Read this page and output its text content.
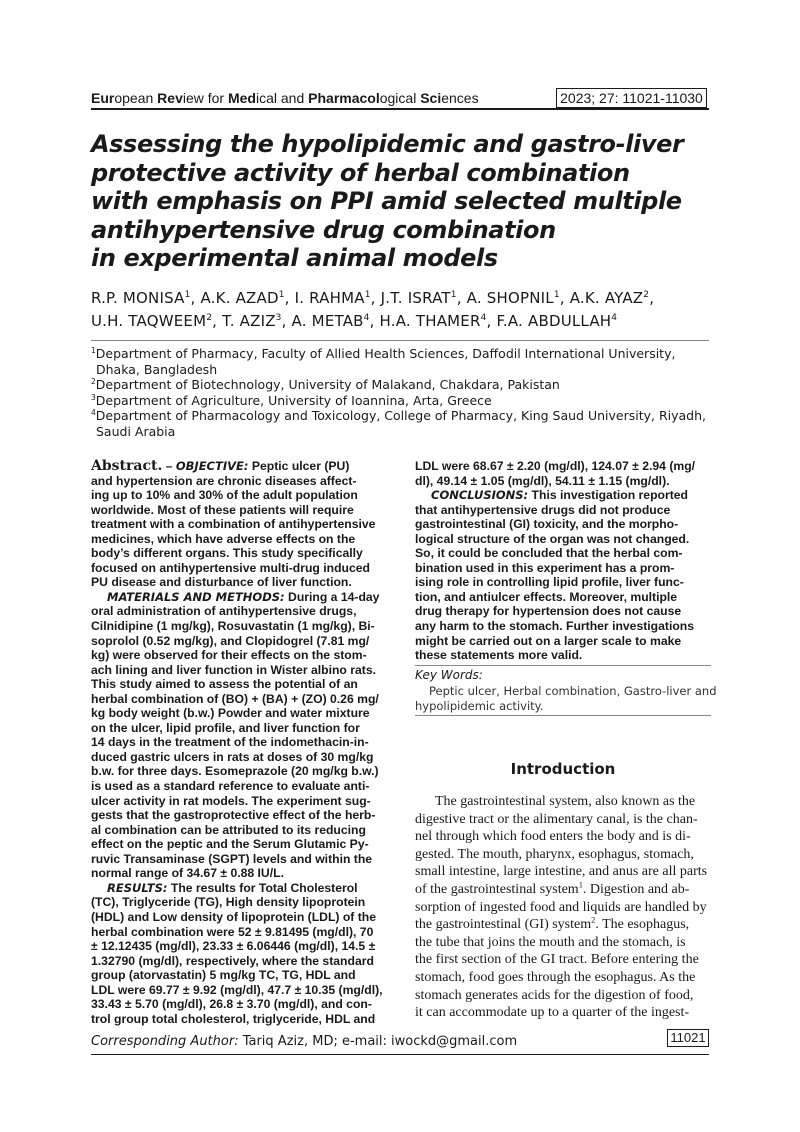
European Review for Medical and Pharmacological Sciences	2023; 27: 11021-11030
Assessing the hypolipidemic and gastro-liver
protective activity of herbal combination
with emphasis on PPI amid selected multiple
antihypertensive drug combination
in experimental animal models
R.P. MONISA$^1$, A.K. AZAD$^1$, I. RAHMA$^1$, J.T. ISRAT$^1$, A. SHOPNIL$^1$, A.K. AYAZ$^2$,
U.H. TAQWEEM$^2$, T. AZIZ$^3$, A. METAB$^4$, H.A. THAMER$^4$, F.A. ABDULLAH$^4$
$^1$Department of Pharmacy, Faculty of Allied Health Sciences, Daffodil International University,
Dhaka, Bangladesh
$^2$Department of Biotechnology, University of Malakand, Chakdara, Pakistan
$^3$Department of Agriculture, University of Ioannina, Arta, Greece
$^4$Department of Pharmacology and Toxicology, College of Pharmacy, King Saud University, Riyadh,
Saudi Arabia
Abstract. – OBJECTIVE: Peptic ulcer (PU)
and hypertension are chronic diseases affect-
ing up to 10% and 30% of the adult population
worldwide. Most of these patients will require
treatment with a combination of antihypertensive
medicines, which have adverse effects on the
body’s different organs. This study specifically
focused on antihypertensive multi-drug induced
PU disease and disturbance of liver function.
MATERIALS AND METHODS: During a 14-day
oral administration of antihypertensive drugs,
Cilnidipine (1 mg/kg), Rosuvastatin (1 mg/kg), Bi-
soprolol (0.52 mg/kg), and Clopidogrel (7.81 mg/
kg) were observed for their effects on the stom-
ach lining and liver function in Wister albino rats.
This study aimed to assess the potential of an
herbal combination of (BO) + (BA) + (ZO) 0.26 mg/
kg body weight (b.w.) Powder and water mixture
on the ulcer, lipid profile, and liver function for
14 days in the treatment of the indomethacin-in-
duced gastric ulcers in rats at doses of 30 mg/kg
b.w. for three days. Esomeprazole (20 mg/kg b.w.)
is used as a standard reference to evaluate anti-
ulcer activity in rat models. The experiment sug-
gests that the gastroprotective effect of the herb-
al combination can be attributed to its reducing
effect on the peptic and the Serum Glutamic Py-
ruvic Transaminase (SGPT) levels and within the
normal range of 34.67 ± 0.88 IU/L.
RESULTS: The results for Total Cholesterol
(TC), Triglyceride (TG), High density lipoprotein
(HDL) and Low density of lipoprotein (LDL) of the
herbal combination were 52 ± 9.81495 (mg/dl), 70
± 12.12435 (mg/dl), 23.33 ± 6.06446 (mg/dl), 14.5 ±
1.32790 (mg/dl), respectively, where the standard
group (atorvastatin) 5 mg/kg TC, TG, HDL and
LDL were 69.77 ± 9.92 (mg/dl), 47.7 ± 10.35 (mg/dl),
33.43 ± 5.70 (mg/dl), 26.8 ± 3.70 (mg/dl), and con-
trol group total cholesterol, triglyceride, HDL and
LDL were 68.67 ± 2.20 (mg/dl), 124.07 ± 2.94 (mg/
dl), 49.14 ± 1.05 (mg/dl), 54.11 ± 1.15 (mg/dl).
CONCLUSIONS: This investigation reported
that antihypertensive drugs did not produce
gastrointestinal (GI) toxicity, and the morpho-
logical structure of the organ was not changed.
So, it could be concluded that the herbal com-
bination used in this experiment has a prom-
ising role in controlling lipid profile, liver func-
tion, and antiulcer effects. Moreover, multiple
drug therapy for hypertension does not cause
any harm to the stomach. Further investigations
might be carried out on a larger scale to make
these statements more valid.
Key Words:
Peptic ulcer, Herbal combination, Gastro-liver and
hypolipidemic activity.
Introduction
The gastrointestinal system, also known as the
digestive tract or the alimentary canal, is the chan-
nel through which food enters the body and is di-
gested. The mouth, pharynx, esophagus, stomach,
small intestine, large intestine, and anus are all parts
of the gastrointestinal system$^1$. Digestion and ab-
sorption of ingested food and liquids are handled by
the gastrointestinal (GI) system$^2$. The esophagus,
the tube that joins the mouth and the stomach, is
the first section of the GI tract. Before entering the
stomach, food goes through the esophagus. As the
stomach generates acids for the digestion of food,
it can accommodate up to a quarter of the ingest-
Corresponding Author: Tariq Aziz, MD; e-mail: iwockd@gmail.com	11021
